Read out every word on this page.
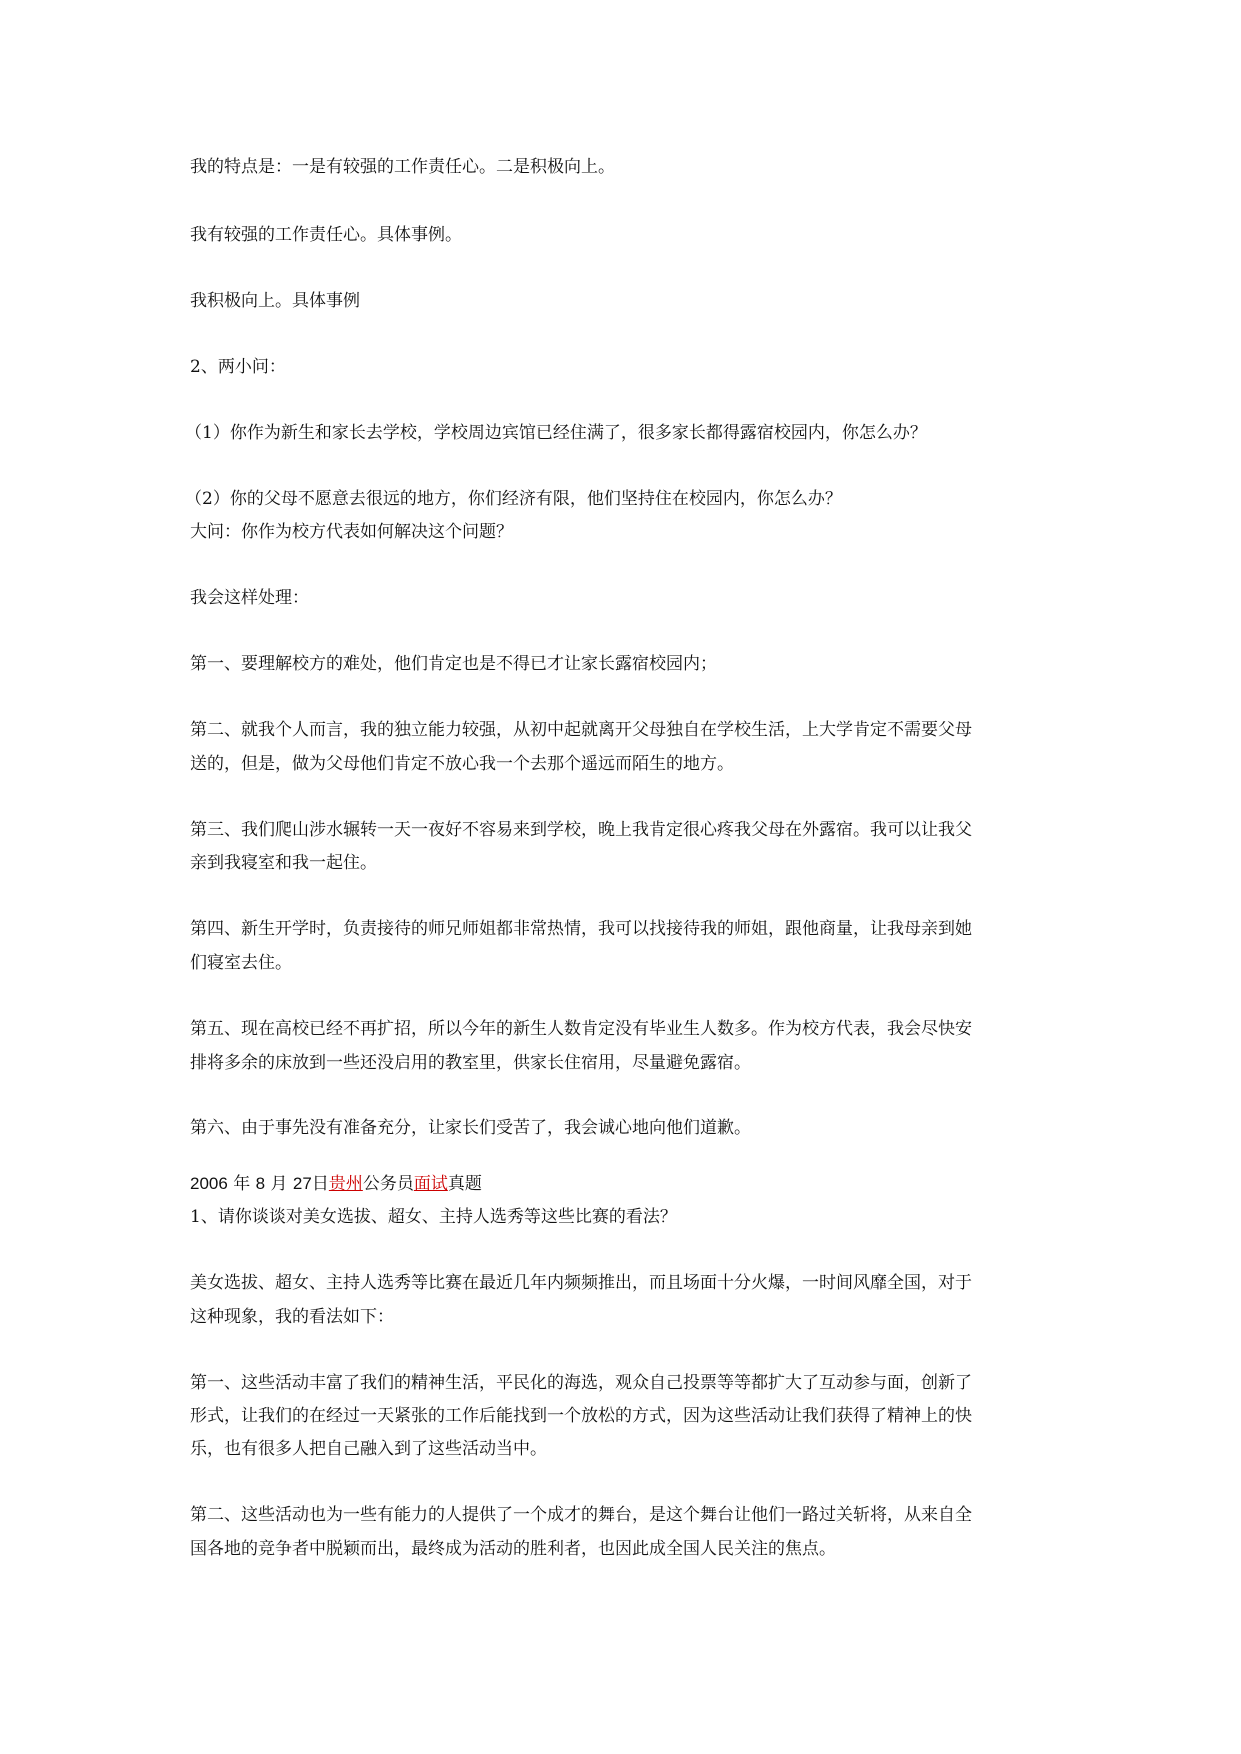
我的特点是：一是有较强的工作责任心。二是积极向上。
我有较强的工作责任心。具体事例。
我积极向上。具体事例
2、两小问：
（1）你作为新生和家长去学校，学校周边宾馆已经住满了，很多家长都得露宿校园内，你怎么办？
（2）你的父母不愿意去很远的地方，你们经济有限，他们坚持住在校园内，你怎么办？
大问：你作为校方代表如何解决这个问题？
我会这样处理：
第一、要理解校方的难处，他们肯定也是不得已才让家长露宿校园内；
第二、就我个人而言，我的独立能力较强，从初中起就离开父母独自在学校生活，上大学肯定不需要父母
送的，但是，做为父母他们肯定不放心我一个去那个遥远而陌生的地方。
第三、我们爬山涉水辗转一天一夜好不容易来到学校，晚上我肯定很心疼我父母在外露宿。我可以让我父
亲到我寝室和我一起住。
第四、新生开学时，负责接待的师兄师姐都非常热情，我可以找接待我的师姐，跟他商量，让我母亲到她
们寝室去住。
第五、现在高校已经不再扩招，所以今年的新生人数肯定没有毕业生人数多。作为校方代表，我会尽快安
排将多余的床放到一些还没启用的教室里，供家长住宿用，尽量避免露宿。
第六、由于事先没有准备充分，让家长们受苦了，我会诚心地向他们道歉。
2006 年 8 月 27日贵州公务员面试真题
1、请你谈谈对美女选拔、超女、主持人选秀等这些比赛的看法？
美女选拔、超女、主持人选秀等比赛在最近几年内频频推出，而且场面十分火爆，一时间风靡全国，对于
这种现象，我的看法如下：
第一、这些活动丰富了我们的精神生活，平民化的海选，观众自己投票等等都扩大了互动参与面，创新了
形式，让我们的在经过一天紧张的工作后能找到一个放松的方式，因为这些活动让我们获得了精神上的快
乐，也有很多人把自己融入到了这些活动当中。
第二、这些活动也为一些有能力的人提供了一个成才的舞台，是这个舞台让他们一路过关斩将，从来自全
国各地的竞争者中脱颖而出，最终成为活动的胜利者，也因此成全国人民关注的焦点。
